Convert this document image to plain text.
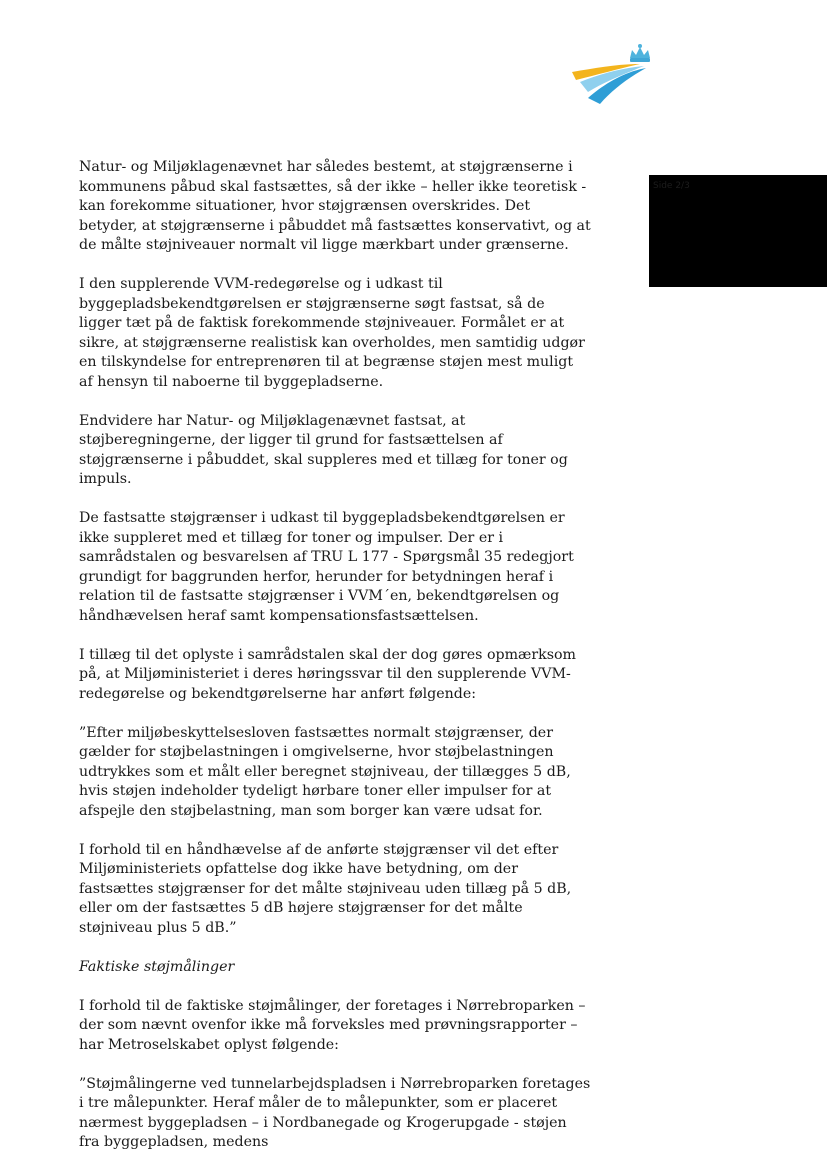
Side 2/3

Natur- og Miljøklagenævnet har således bestemt, at støjgrænserne i kommunens påbud skal fastsættes, så der ikke – heller ikke teoretisk - kan forekomme situationer, hvor støjgrænsen overskrides. Det betyder, at støjgrænserne i påbuddet må fastsættes konservativt, og at de målte støjniveauer normalt vil ligge mærkbart under grænserne.

I den supplerende VVM-redegørelse og i udkast til byggepladsbekendtgørelsen er støjgrænserne søgt fastsat, så de ligger tæt på de faktisk forekommende støjniveauer. Formålet er at sikre, at støjgrænserne realistisk kan overholdes, men samtidig udgør en tilskyndelse for entreprenøren til at begrænse støjen mest muligt af hensyn til naboerne til byggepladserne.

Endvidere har Natur- og Miljøklagenævnet fastsat, at støjberegningerne, der ligger til grund for fastsættelsen af støjgrænserne i påbuddet, skal suppleres med et tillæg for toner og impuls.

De fastsatte støjgrænser i udkast til byggepladsbekendtgørelsen er ikke suppleret med et tillæg for toner og impulser. Der er i samrådstalen og besvarelsen af TRU L 177 - Spørgsmål 35 redegjort grundigt for baggrunden herfor, herunder for betydningen heraf i relation til de fastsatte støjgrænser i VVM´en, bekendtgørelsen og håndhævelsen heraf samt kompensationsfastsættelsen.

I tillæg til det oplyste i samrådstalen skal der dog gøres opmærksom på, at Miljøministeriet i deres høringssvar til den supplerende VVM-redegørelse og bekendtgørelserne har anført følgende:

”Efter miljøbeskyttelsesloven fastsættes normalt støjgrænser, der gælder for støjbelastningen i omgivelserne, hvor støjbelastningen udtrykkes som et målt eller beregnet støjniveau, der tillægges 5 dB, hvis støjen indeholder tydeligt hørbare toner eller impulser for at afspejle den støjbelastning, man som borger kan være udsat for.

I forhold til en håndhævelse af de anførte støjgrænser vil det efter Miljøministeriets opfattelse dog ikke have betydning, om der fastsættes støjgrænser for det målte støjniveau uden tillæg på 5 dB, eller om der fastsættes 5 dB højere støjgrænser for det målte støjniveau plus 5 dB.”

Faktiske støjmålinger

I forhold til de faktiske støjmålinger, der foretages i Nørrebroparken – der som nævnt ovenfor ikke må forveksles med prøvningsrapporter – har Metroselskabet oplyst følgende:

”Støjmålingerne ved tunnelarbejdspladsen i Nørrebroparken foretages i tre målepunkter. Heraf måler de to målepunkter, som er placeret nærmest byggepladsen – i Nordbanegade og Krogerupgade - støjen fra byggepladsen, medens
